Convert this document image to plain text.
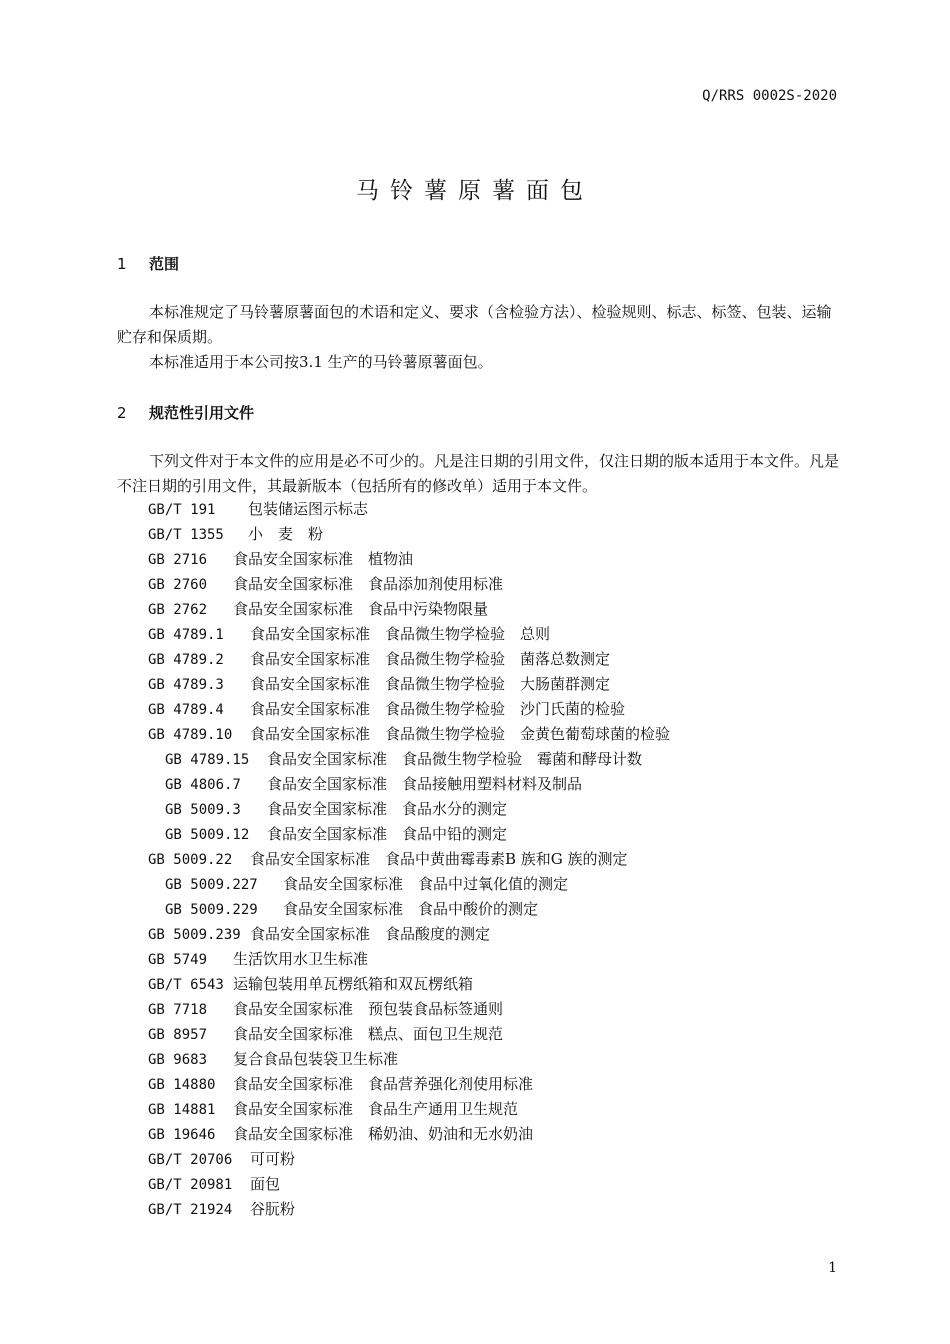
Q/RRS 0002S-2020
马铃薯原薯面包
1 范围
本标准规定了马铃薯原薯面包的术语和定义、要求（含检验方法）、检验规则、标志、标签、包装、运输贮存和保质期。
本标准适用于本公司按3.1 生产的马铃薯原薯面包。
2 规范性引用文件
下列文件对于本文件的应用是必不可少的。凡是注日期的引用文件，仅注日期的版本适用于本文件。凡是不注日期的引用文件，其最新版本（包括所有的修改单）适用于本文件。
GB/T 191 包装储运图示标志
GB/T 1355 小　麦　粉
GB 2716 食品安全国家标准　植物油
GB 2760 食品安全国家标准　食品添加剂使用标准
GB 2762 食品安全国家标准　食品中污染物限量
GB 4789.1 食品安全国家标准　食品微生物学检验　总则
GB 4789.2 食品安全国家标准　食品微生物学检验　菌落总数测定
GB 4789.3 食品安全国家标准　食品微生物学检验　大肠菌群测定
GB 4789.4 食品安全国家标准　食品微生物学检验　沙门氏菌的检验
GB 4789.10 食品安全国家标准　食品微生物学检验　金黄色葡萄球菌的检验
GB 4789.15 食品安全国家标准　食品微生物学检验　霉菌和酵母计数
GB 4806.7 食品安全国家标准　食品接触用塑料材料及制品
GB 5009.3 食品安全国家标准　食品水分的测定
GB 5009.12 食品安全国家标准　食品中铅的测定
GB 5009.22 食品安全国家标准　食品中黄曲霉毒素B 族和G 族的测定
GB 5009.227 食品安全国家标准　食品中过氧化值的测定
GB 5009.229 食品安全国家标准　食品中酸价的测定
GB 5009.239 食品安全国家标准　食品酸度的测定
GB 5749 生活饮用水卫生标准
GB/T 6543 运输包装用单瓦楞纸箱和双瓦楞纸箱
GB 7718 食品安全国家标准　预包装食品标签通则
GB 8957 食品安全国家标准　糕点、面包卫生规范
GB 9683 复合食品包装袋卫生标准
GB 14880 食品安全国家标准　食品营养强化剂使用标准
GB 14881 食品安全国家标准　食品生产通用卫生规范
GB 19646 食品安全国家标准　稀奶油、奶油和无水奶油
GB/T 20706 可可粉
GB/T 20981 面包
GB/T 21924 谷朊粉
1
